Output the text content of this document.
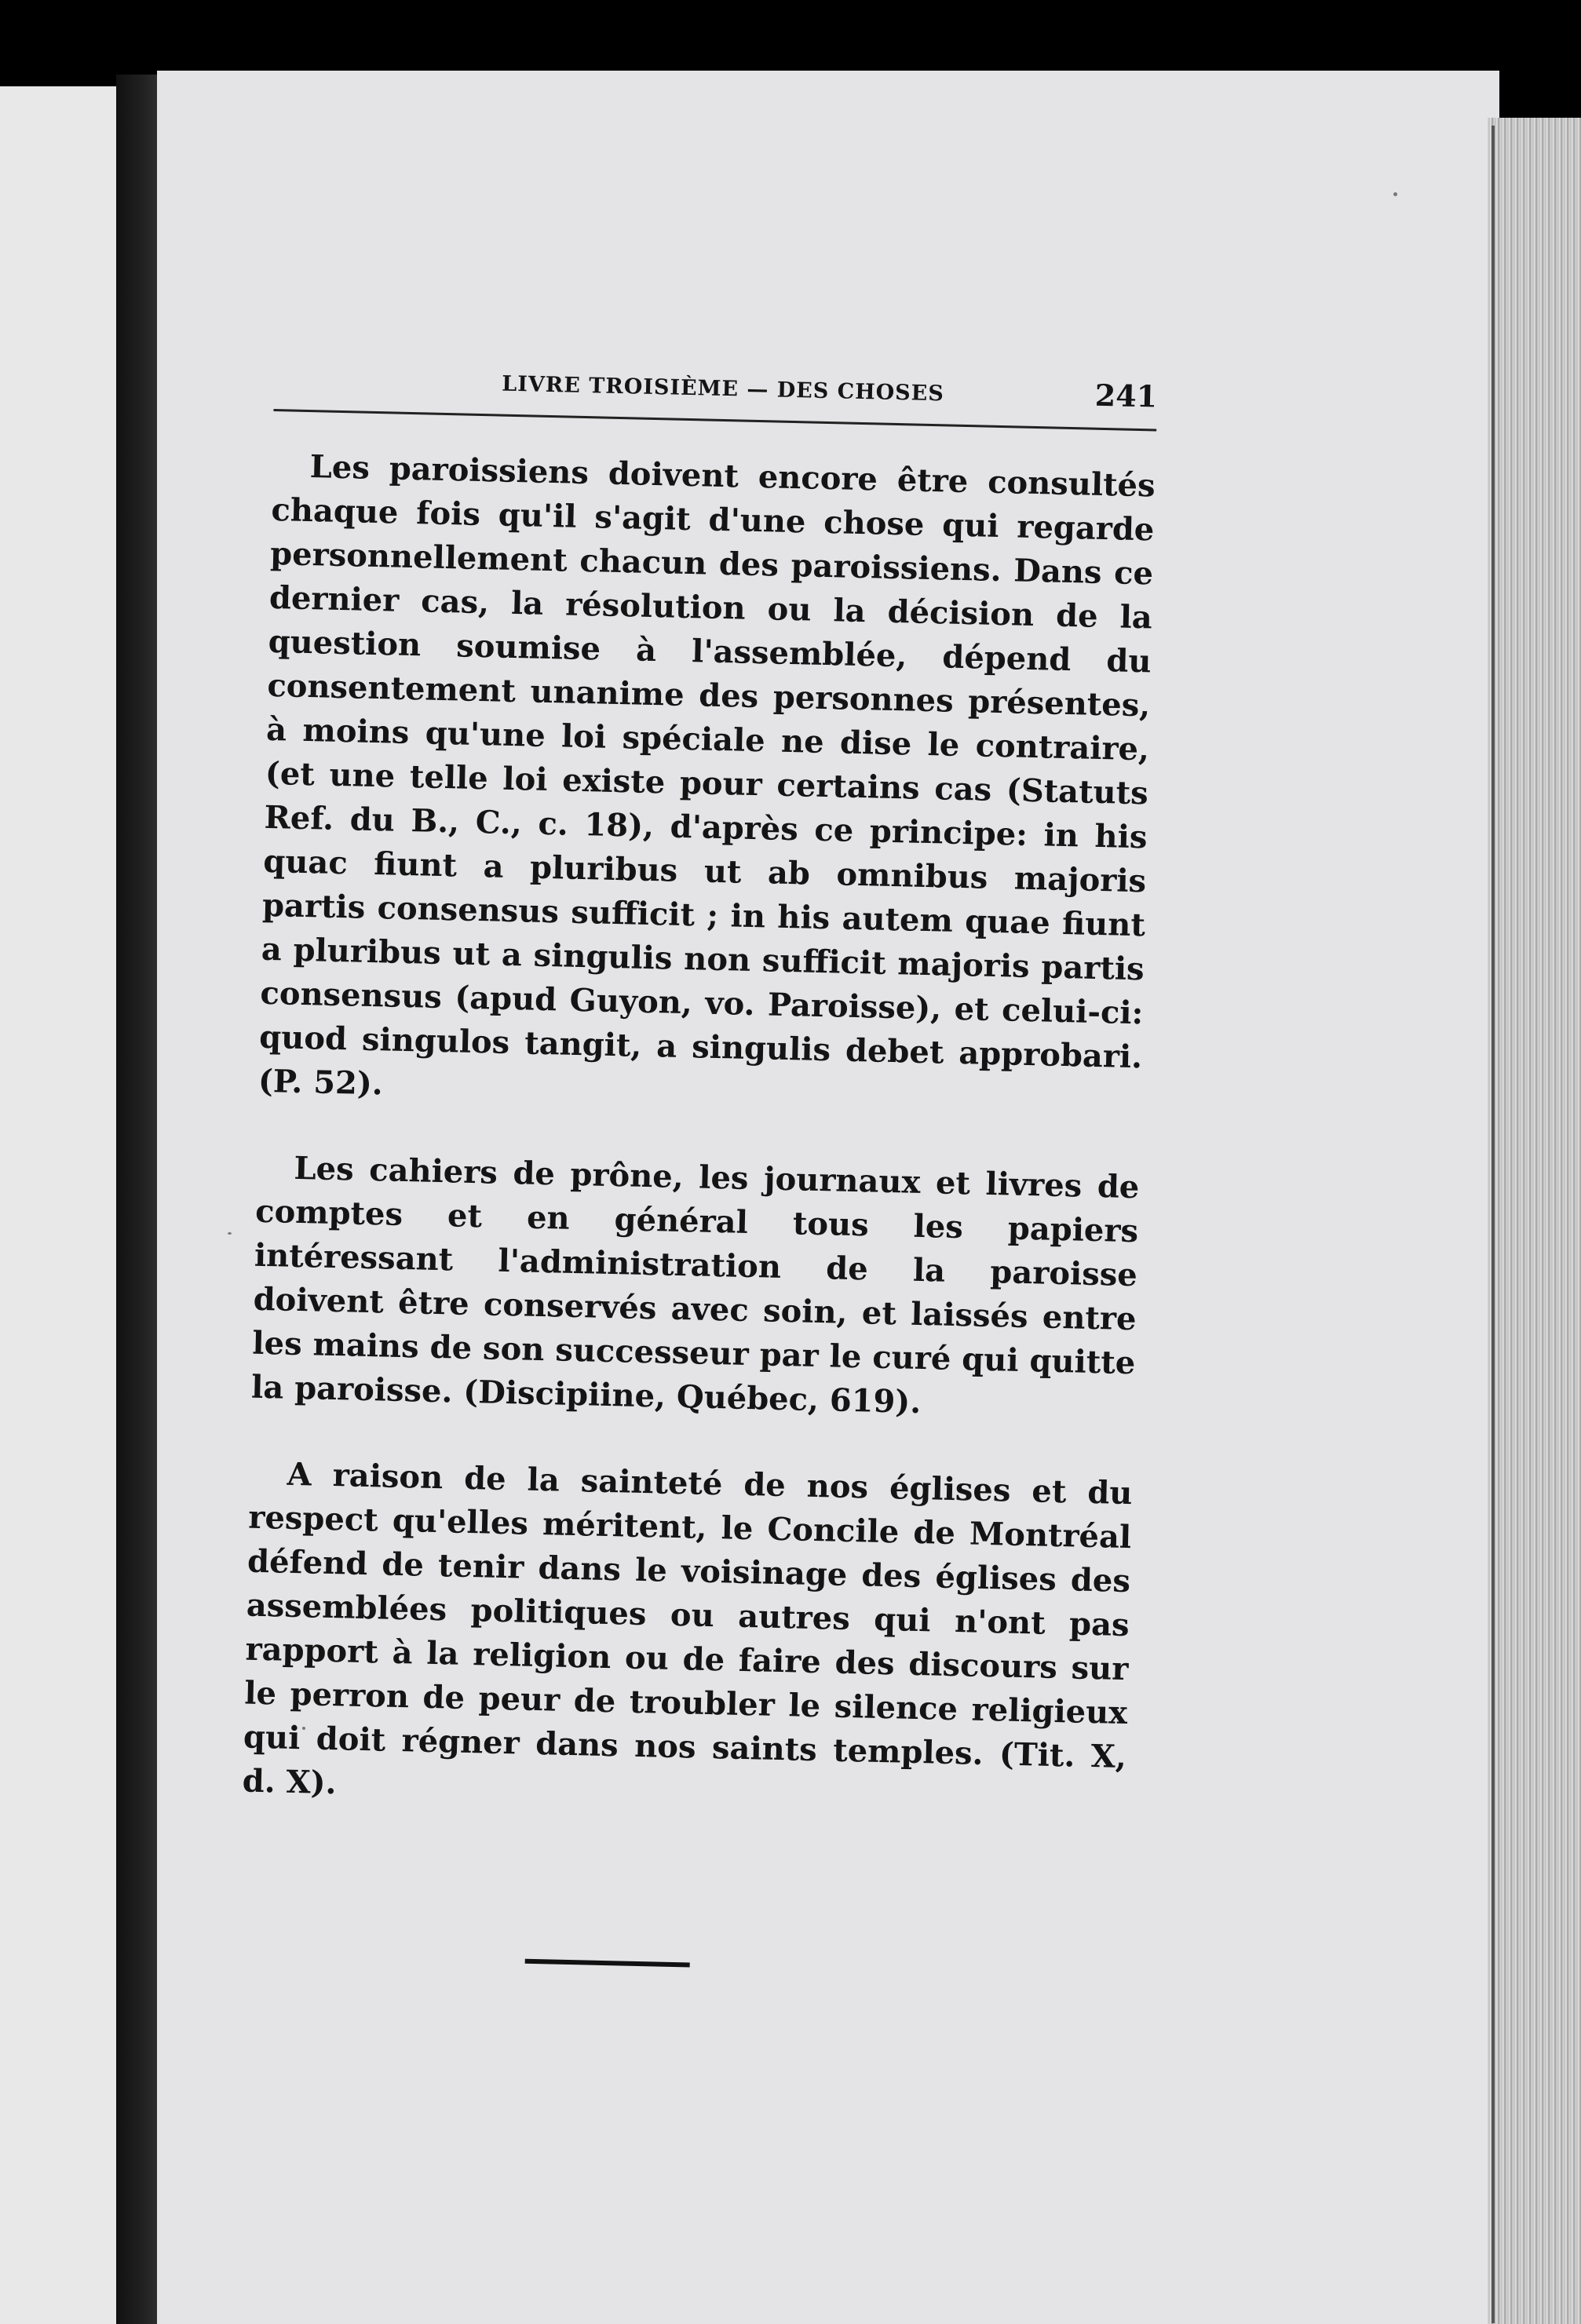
LIVRE TROISIÈME — DES CHOSES	241

Les paroissiens doivent encore être consultés chaque fois qu'il s'agit d'une chose qui regarde personnellement chacun des paroissiens. Dans ce dernier cas, la résolution ou la décision de la question soumise à l'assemblée, dépend du consentement unanime des personnes présentes, à moins qu'une loi spéciale ne dise le contraire, (et une telle loi existe pour certains cas (Statuts Ref. du B., C., c. 18), d'après ce principe: in his quac fiunt a pluribus ut ab omnibus majoris partis consensus sufficit ; in his autem quae fiunt a pluribus ut a singulis non sufficit majoris partis consensus (apud Guyon, vo. Paroisse), et celui-ci: quod singulos tangit, a singulis debet approbari. (P. 52).

Les cahiers de prône, les journaux et livres de comptes et en général tous les papiers intéressant l'administration de la paroisse doivent être conservés avec soin, et laissés entre les mains de son successeur par le curé qui quitte la paroisse. (Discipiine, Québec, 619).

A raison de la sainteté de nos églises et du respect qu'elles méritent, le Concile de Montréal défend de tenir dans le voisinage des églises des assemblées politiques ou autres qui n'ont pas rapport à la religion ou de faire des discours sur le perron de peur de troubler le silence religieux qui doit régner dans nos saints temples. (Tit. X, d. X).
